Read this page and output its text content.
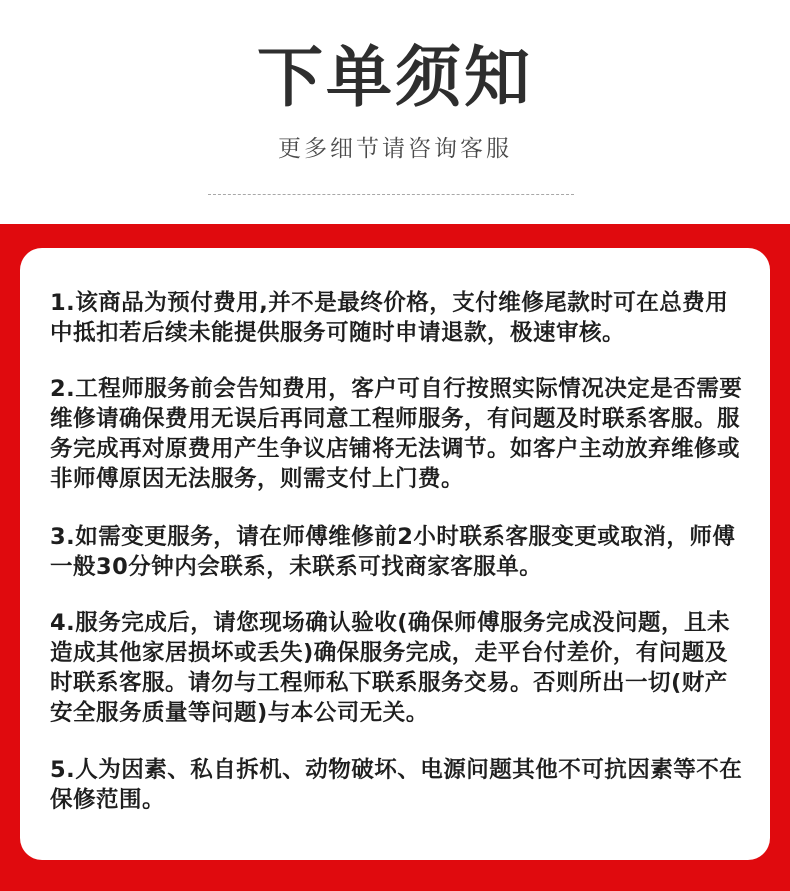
下单须知
更多细节请咨询客服

1.该商品为预付费用,并不是最终价格，支付维修尾款时可在总费用中抵扣若后续未能提供服务可随时申请退款，极速审核。

2.工程师服务前会告知费用，客户可自行按照实际情况决定是否需要维修请确保费用无误后再同意工程师服务，有问题及时联系客服。服务完成再对原费用产生争议店铺将无法调节。如客户主动放弃维修或非师傅原因无法服务，则需支付上门费。

3.如需变更服务，请在师傅维修前2小时联系客服变更或取消，师傅一般30分钟内会联系，未联系可找商家客服单。

4.服务完成后，请您现场确认验收(确保师傅服务完成没问题，且未造成其他家居损坏或丢失)确保服务完成，走平台付差价，有问题及时联系客服。请勿与工程师私下联系服务交易。否则所出一切(财产安全服务质量等问题)与本公司无关。

5.人为因素、私自拆机、动物破坏、电源问题其他不可抗因素等不在保修范围。
